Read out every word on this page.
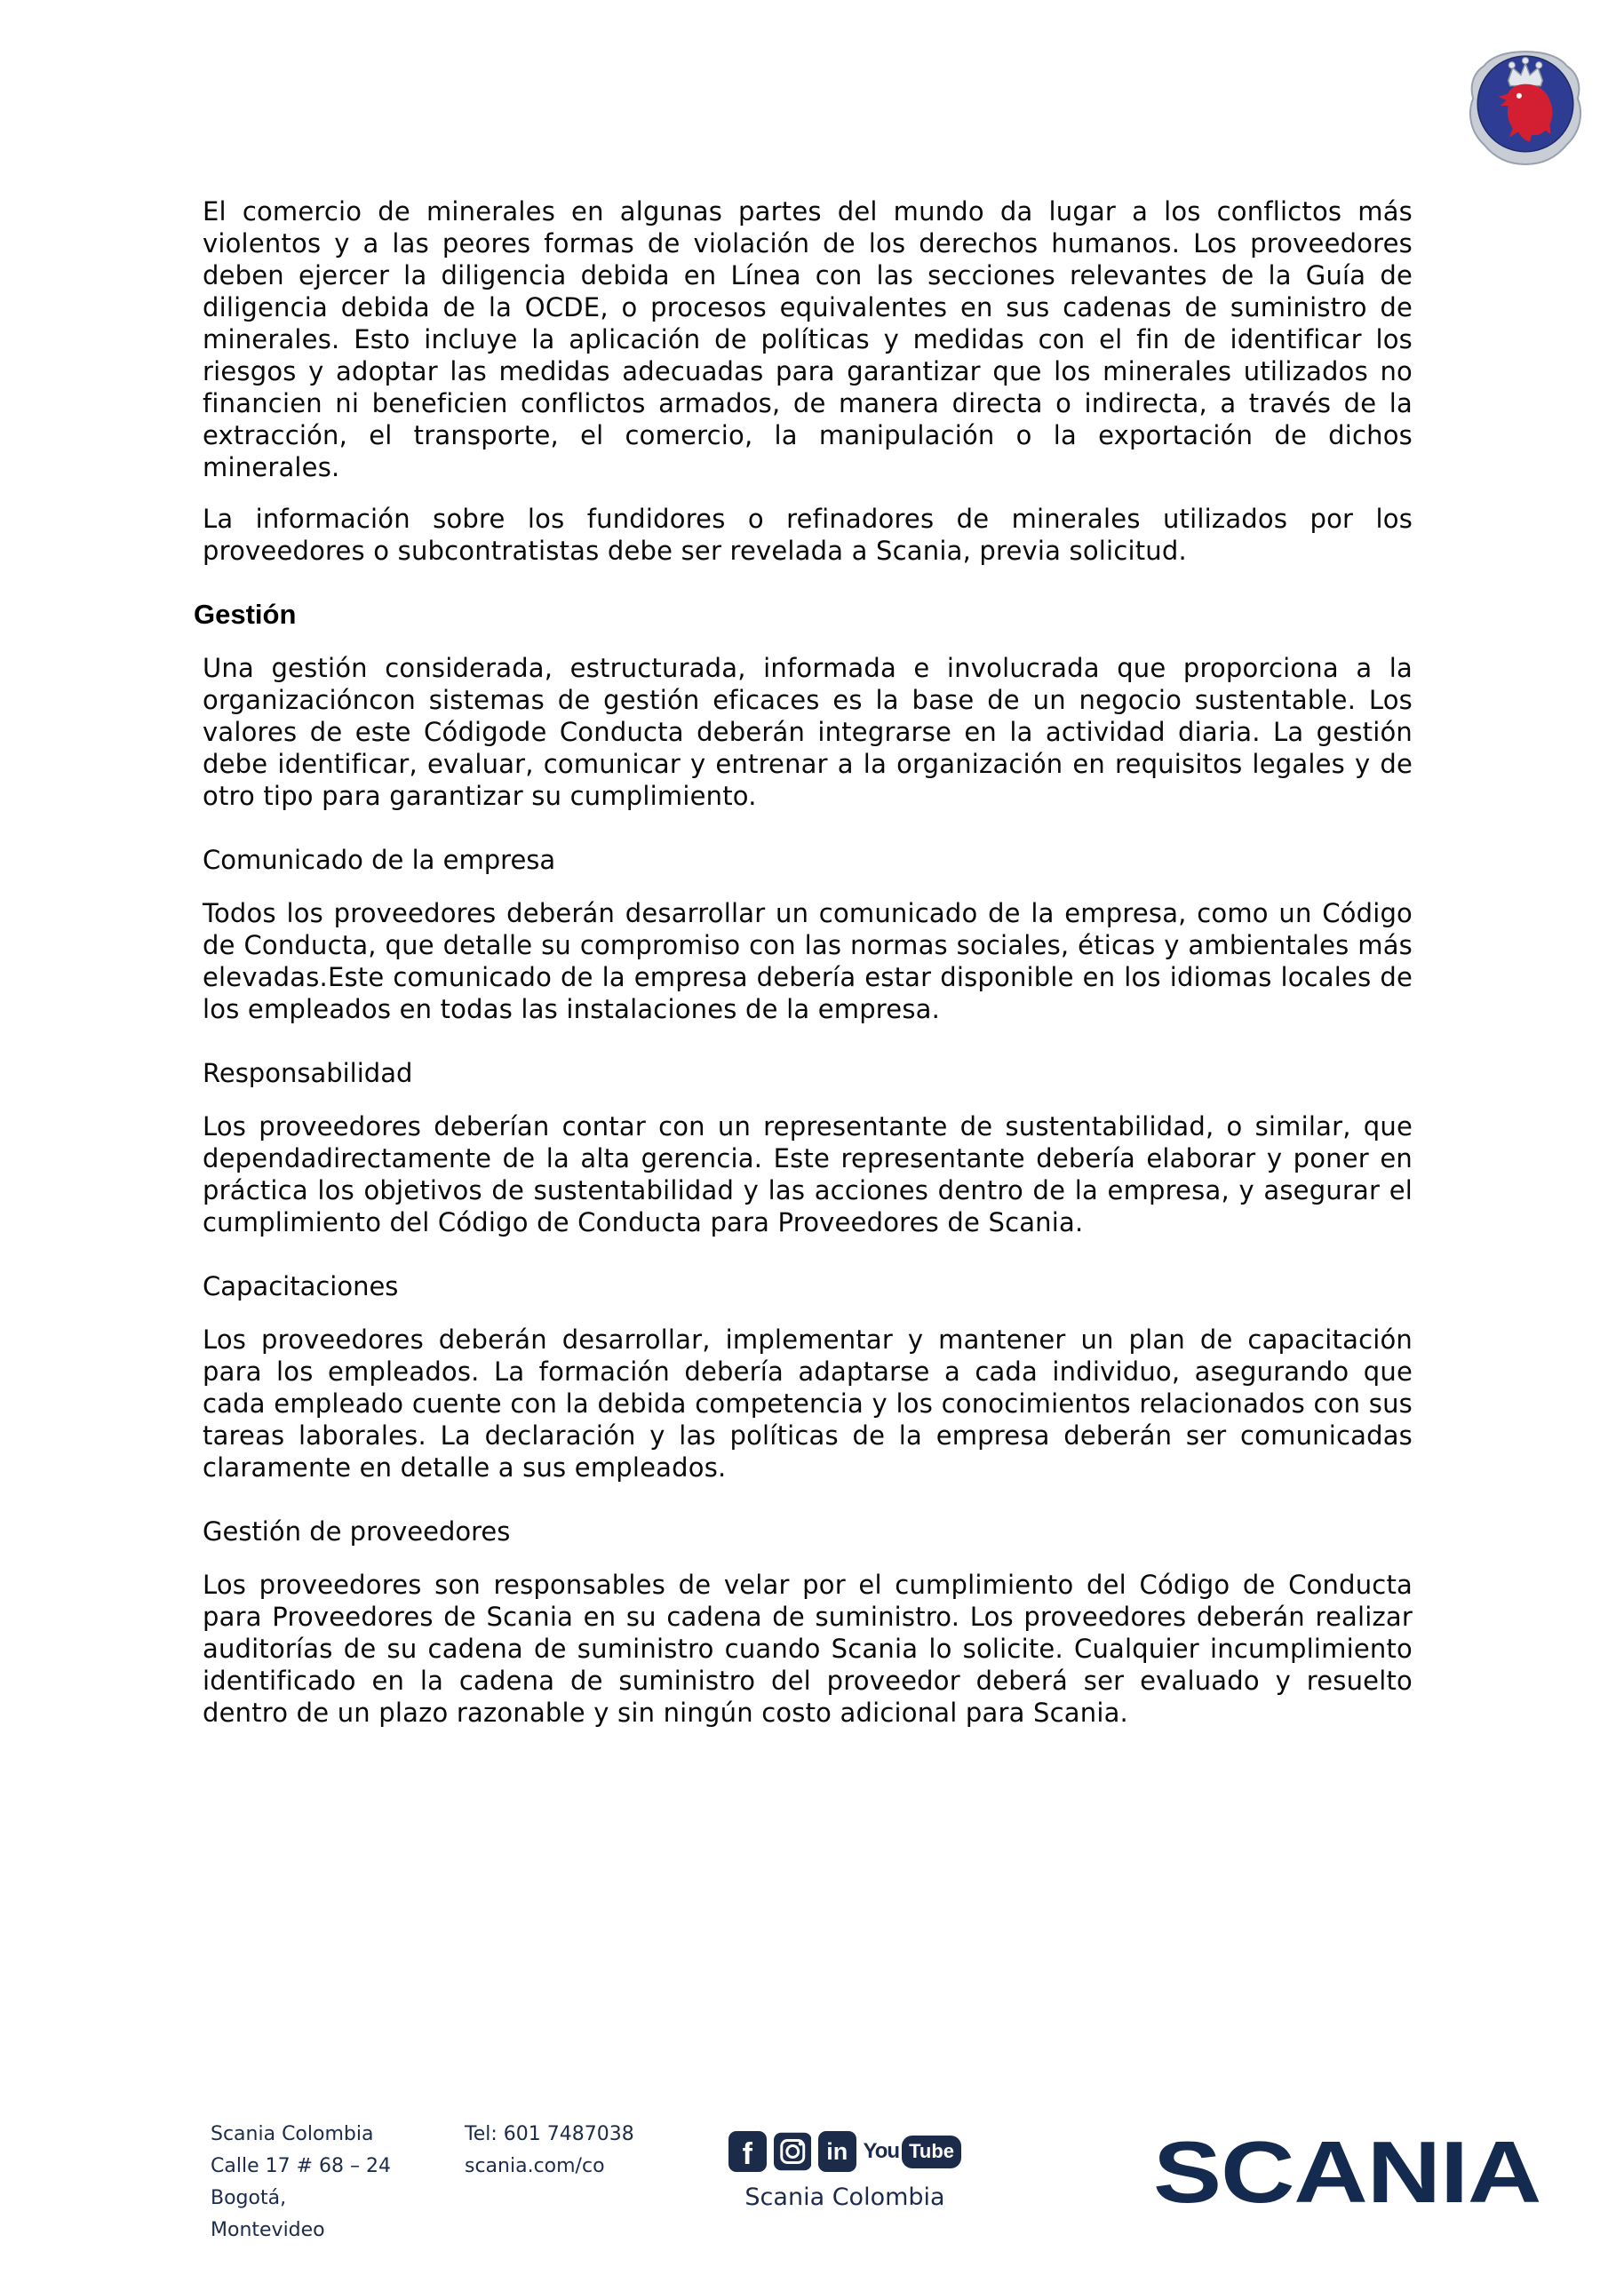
El comercio de minerales en algunas partes del mundo da lugar a los conflictos más violentos y a las peores formas de violación de los derechos humanos. Los proveedores deben ejercer la diligencia debida en Línea con las secciones relevantes de la Guía de diligencia debida de la OCDE, o procesos equivalentes en sus cadenas de suministro de minerales. Esto incluye la aplicación de políticas y medidas con el fin de identificar los riesgos y adoptar las medidas adecuadas para garantizar que los minerales utilizados no financien ni beneficien conflictos armados, de manera directa o indirecta, a través de la extracción, el transporte, el comercio, la manipulación o la exportación de dichos minerales.

La información sobre los fundidores o refinadores de minerales utilizados por los proveedores o subcontratistas debe ser revelada a Scania, previa solicitud.

Gestión

Una gestión considerada, estructurada, informada e involucrada que proporciona a la organizacióncon sistemas de gestión eficaces es la base de un negocio sustentable. Los valores de este Códigode Conducta deberán integrarse en la actividad diaria. La gestión debe identificar, evaluar, comunicar y entrenar a la organización en requisitos legales y de otro tipo para garantizar su cumplimiento.

Comunicado de la empresa

Todos los proveedores deberán desarrollar un comunicado de la empresa, como un Código de Conducta, que detalle su compromiso con las normas sociales, éticas y ambientales más elevadas.Este comunicado de la empresa debería estar disponible en los idiomas locales de los empleados en todas las instalaciones de la empresa.

Responsabilidad

Los proveedores deberían contar con un representante de sustentabilidad, o similar, que dependadirectamente de la alta gerencia. Este representante debería elaborar y poner en práctica los objetivos de sustentabilidad y las acciones dentro de la empresa, y asegurar el cumplimiento del Código de Conducta para Proveedores de Scania.

Capacitaciones

Los proveedores deberán desarrollar, implementar y mantener un plan de capacitación para los empleados. La formación debería adaptarse a cada individuo, asegurando que cada empleado cuente con la debida competencia y los conocimientos relacionados con sus tareas laborales. La declaración y las políticas de la empresa deberán ser comunicadas claramente en detalle a sus empleados.

Gestión de proveedores

Los proveedores son responsables de velar por el cumplimiento del Código de Conducta para Proveedores de Scania en su cadena de suministro. Los proveedores deberán realizar auditorías de su cadena de suministro cuando Scania lo solicite. Cualquier incumplimiento identificado en la cadena de suministro del proveedor deberá ser evaluado y resuelto dentro de un plazo razonable y sin ningún costo adicional para Scania.

Scania Colombia
Calle 17 # 68 – 24
Bogotá,
Montevideo
Tel: 601 7487038
scania.com/co	f	in You Tube
Scania Colombia SCANIA
